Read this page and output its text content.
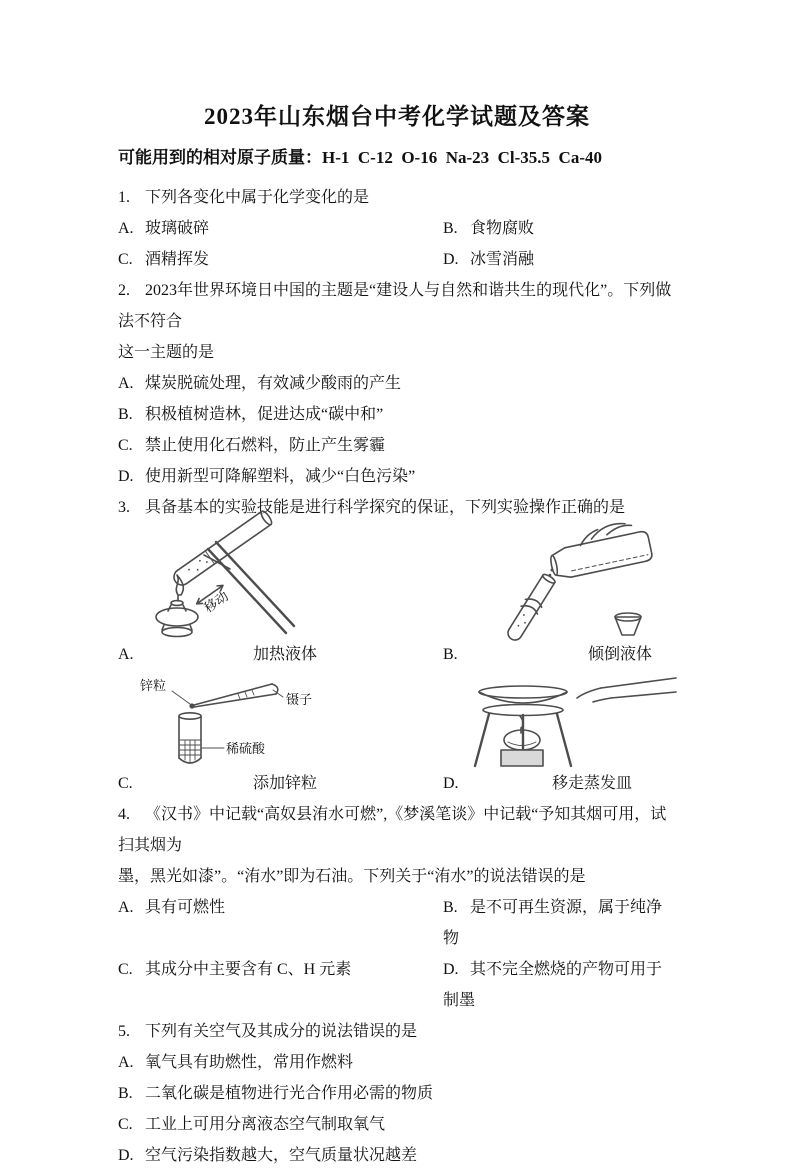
2023年山东烟台中考化学试题及答案

可能用到的相对原子质量：H-1  C-12  O-16  Na-23  Cl-35.5  Ca-40

1. 下列各变化中属于化学变化的是

A. 玻璃破碎	B. 食物腐败

C. 酒精挥发	D. 冰雪消融

2. 2023年世界环境日中国的主题是“建设人与自然和谐共生的现代化”。下列做法不符合

这一主题的是

A. 煤炭脱硫处理，有效减少酸雨的产生

B. 积极植树造林，促进达成“碳中和”

C. 禁止使用化石燃料，防止产生雾霾

D. 使用新型可降解塑料，减少“白色污染”

3. 具备基本的实验技能是进行科学探究的保证，下列实验操作正确的是

移动

A.	加热液体	B.	倾倒液体

锌粒
镊子
稀硫酸

C.	添加锌粒	D.	移走蒸发皿

4. 《汉书》中记载“高奴县洧水可燃”,《梦溪笔谈》中记载“予知其烟可用，试扫其烟为

墨，黑光如漆”。“洧水”即为石油。下列关于“洧水”的说法错误的是

A. 具有可燃性	B. 是不可再生资源，属于纯净物

C. 其成分中主要含有 C、H 元素	D. 其不完全燃烧的产物可用于制墨

5. 下列有关空气及其成分的说法错误的是

A. 氧气具有助燃性，常用作燃料

B. 二氧化碳是植物进行光合作用必需的物质

C. 工业上可用分离液态空气制取氧气

D. 空气污染指数越大，空气质量状况越差
